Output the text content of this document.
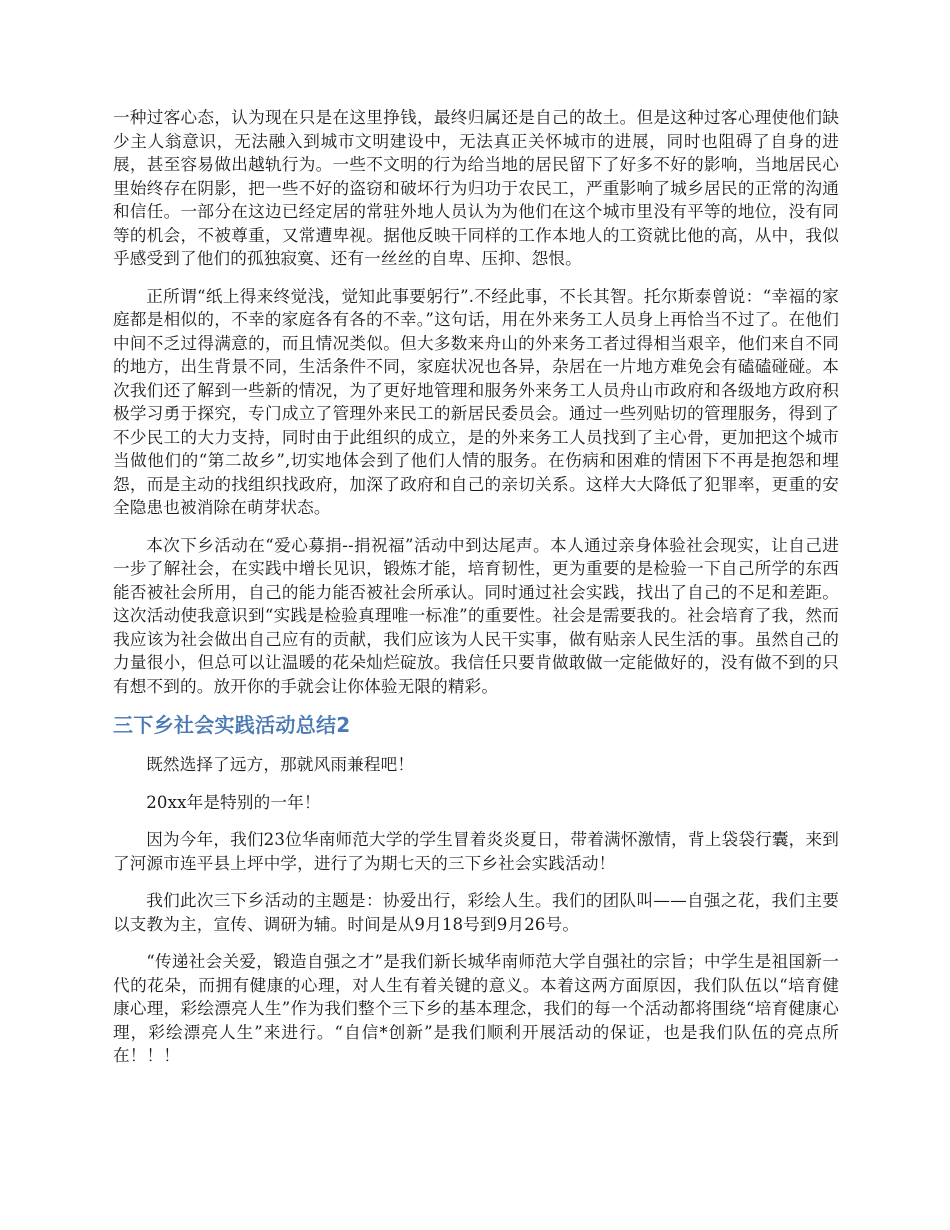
一种过客心态，认为现在只是在这里挣钱，最终归属还是自己的故土。但是这种过客心理使他们缺少主人翁意识，无法融入到城市文明建设中，无法真正关怀城市的进展，同时也阻碍了自身的进展，甚至容易做出越轨行为。一些不文明的行为给当地的居民留下了好多不好的影响，当地居民心里始终存在阴影，把一些不好的盗窃和破坏行为归功于农民工，严重影响了城乡居民的正常的沟通和信任。一部分在这边已经定居的常驻外地人员认为为他们在这个城市里没有平等的地位，没有同等的机会，不被尊重，又常遭卑视。据他反映干同样的工作本地人的工资就比他的高，从中，我似乎感受到了他们的孤独寂寞、还有一丝丝的自卑、压抑、怨恨。

正所谓“纸上得来终觉浅，觉知此事要躬行”.不经此事，不长其智。托尔斯泰曾说：“幸福的家庭都是相似的，不幸的家庭各有各的不幸。”这句话，用在外来务工人员身上再恰当不过了。在他们中间不乏过得满意的，而且情况类似。但大多数来舟山的外来务工者过得相当艰辛，他们来自不同的地方，出生背景不同，生活条件不同，家庭状况也各异，杂居在一片地方难免会有磕磕碰碰。本次我们还了解到一些新的情况，为了更好地管理和服务外来务工人员舟山市政府和各级地方政府积极学习勇于探究，专门成立了管理外来民工的新居民委员会。通过一些列贴切的管理服务，得到了不少民工的大力支持，同时由于此组织的成立，是的外来务工人员找到了主心骨，更加把这个城市当做他们的“第二故乡”,切实地体会到了他们人情的服务。在伤病和困难的情困下不再是抱怨和埋怨，而是主动的找组织找政府，加深了政府和自己的亲切关系。这样大大降低了犯罪率，更重的安全隐患也被消除在萌芽状态。

本次下乡活动在“爱心募捐--捐祝福”活动中到达尾声。本人通过亲身体验社会现实，让自己进一步了解社会，在实践中增长见识，锻炼才能，培育韧性，更为重要的是检验一下自己所学的东西能否被社会所用，自己的能力能否被社会所承认。同时通过社会实践，找出了自己的不足和差距。这次活动使我意识到“实践是检验真理唯一标准”的重要性。社会是需要我的。社会培育了我，然而我应该为社会做出自己应有的贡献，我们应该为人民干实事，做有贴亲人民生活的事。虽然自己的力量很小，但总可以让温暖的花朵灿烂碇放。我信任只要肯做敢做一定能做好的，没有做不到的只有想不到的。放开你的手就会让你体验无限的精彩。

三下乡社会实践活动总结2

既然选择了远方，那就风雨兼程吧！

20xx年是特别的一年！

因为今年，我们23位华南师范大学的学生冒着炎炎夏日，带着满怀激情，背上袋袋行囊，来到了河源市连平县上坪中学，进行了为期七天的三下乡社会实践活动！

我们此次三下乡活动的主题是：协爱出行，彩绘人生。我们的团队叫——自强之花，我们主要以支教为主，宣传、调研为辅。时间是从9月18号到9月26号。

“传递社会关爱，锻造自强之才”是我们新长城华南师范大学自强社的宗旨；中学生是祖国新一代的花朵，而拥有健康的心理，对人生有着关键的意义。本着这两方面原因，我们队伍以“培育健康心理，彩绘漂亮人生”作为我们整个三下乡的基本理念，我们的每一个活动都将围绕“培育健康心理，彩绘漂亮人生”来进行。“自信*创新”是我们顺利开展活动的保证，也是我们队伍的亮点所在！！！
